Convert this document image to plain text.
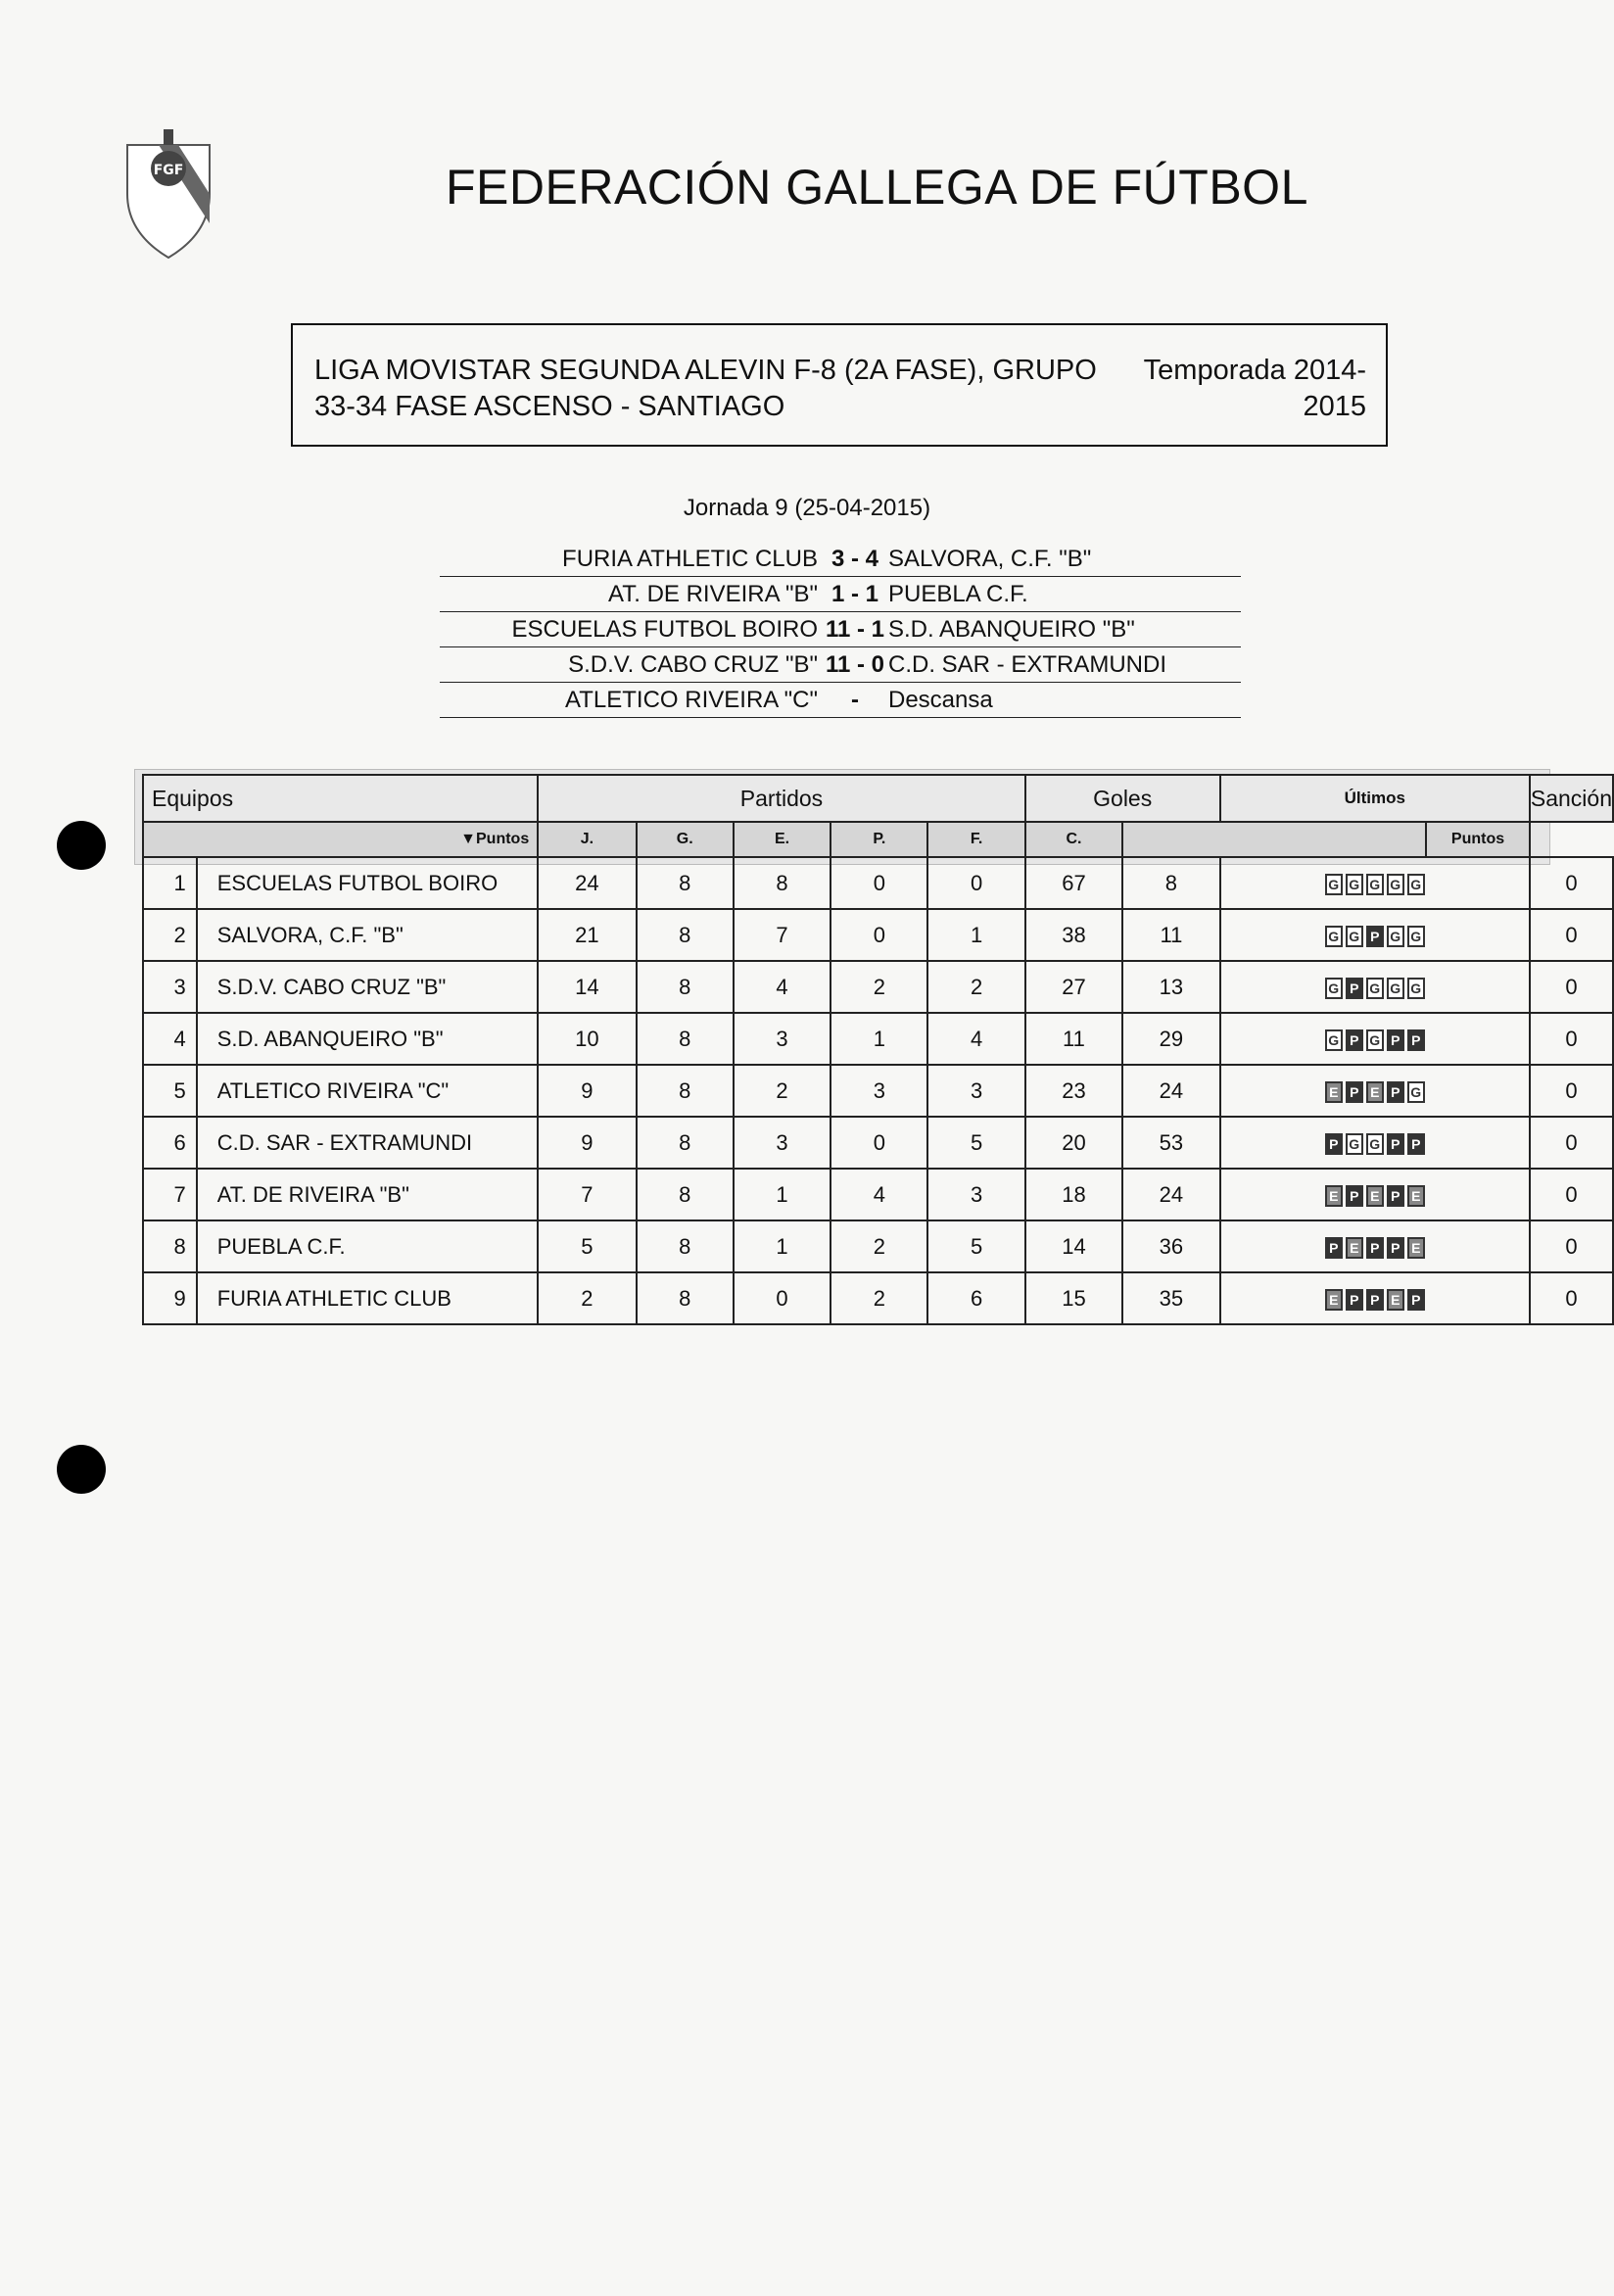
FGF	FEDERACIÓN GALLEGA DE FÚTBOL
LIGA MOVISTAR SEGUNDA ALEVIN F-8 (2A FASE), GRUPO
33-34 FASE ASCENSO - SANTIAGO
Temporada 2014-
2015
Jornada 9 (25-04-2015)
FURIA ATHLETIC CLUB 3 - 4 SALVORA, C.F. "B"
AT. DE RIVEIRA "B" 1 - 1 PUEBLA C.F.
ESCUELAS FUTBOL BOIRO 11 - 1 S.D. ABANQUEIRO "B"
S.D.V. CABO CRUZ "B" 11 - 0 C.D. SAR - EXTRAMUNDI
ATLETICO RIVEIRA "C"	-	Descansa
Equipos		Partidos					Goles		Últimos		Sanción
▼Puntos		J.	G.	E.	P.	F.	C.			Puntos	
1	ESCUELAS FUTBOL BOIRO	24	8	8	0	0	67	8	G G G G G		0
2	SALVORA, C.F. "B"	21	8	7	0	1	38	11	G G P G G		0
3	S.D.V. CABO CRUZ "B"	14	8	4	2	2	27	13	G P G G G		0
4	S.D. ABANQUEIRO "B"	10	8	3	1	4	11	29	G P G P P		0
5	ATLETICO RIVEIRA "C"	9	8	2	3	3	23	24	E P E P G		0
6	C.D. SAR - EXTRAMUNDI	9	8	3	0	5	20	53	P G G P P		0
7	AT. DE RIVEIRA "B"	7	8	1	4	3	18	24	E P E P E		0
8	PUEBLA C.F.	5	8	1	2	5	14	36	P E P P E		0
9	FURIA ATHLETIC CLUB	2	8	0	2	6	15	35	E P P E P		0
